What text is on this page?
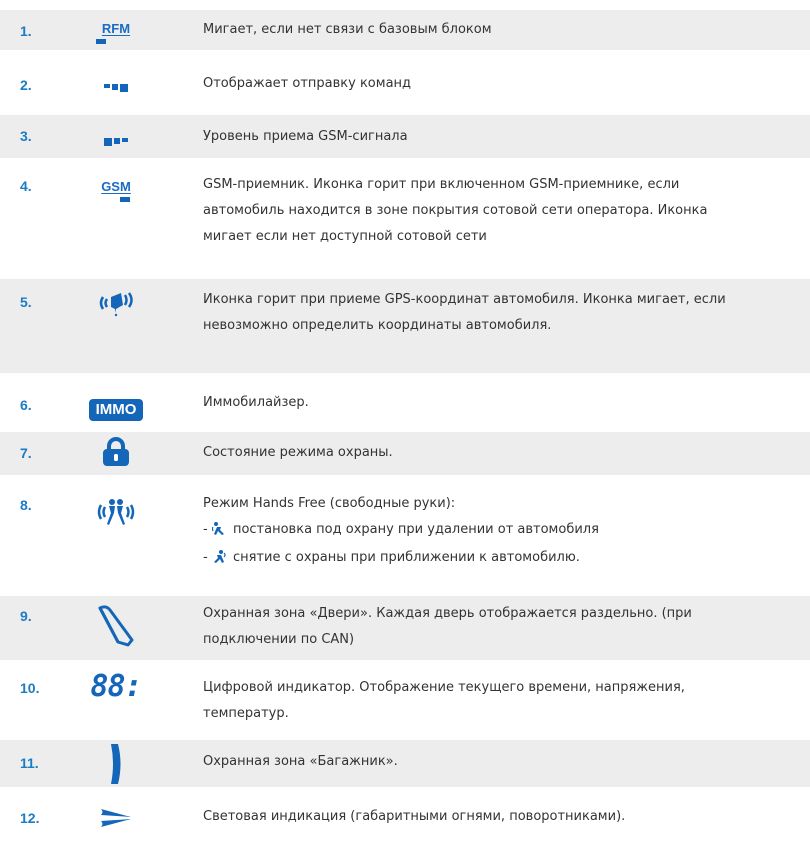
1.	RFM	Мигает, если нет связи с базовым блоком
2.	Отображает отправку команд
3.	Уровень приема GSM-сигнала
4.	GSM	GSM-приемник. Иконка горит при включенном GSM-приемнике, если
автомобиль находится в зоне покрытия сотовой сети оператора. Иконка
мигает если нет доступной сотовой сети
5.	Иконка горит при приеме GPS-координат автомобиля. Иконка мигает, если
невозможно определить координаты автомобиля.
6.	IMMO	Иммобилайзер.
7.	Состояние режима охраны.
8.	Режим Hands Free (свободные руки):
-  постановка под охрану при удалении от автомобиля
-  снятие с охраны при приближении к автомобилю.
9.	Охранная зона «Двери». Каждая дверь отображается раздельно. (при
подключении по CAN)
10. 88:	Цифровой индикатор. Отображение текущего времени, напряжения,
температур.
11.	Охранная зона «Багажник».
12.	Световая индикация (габаритными огнями, поворотниками).
